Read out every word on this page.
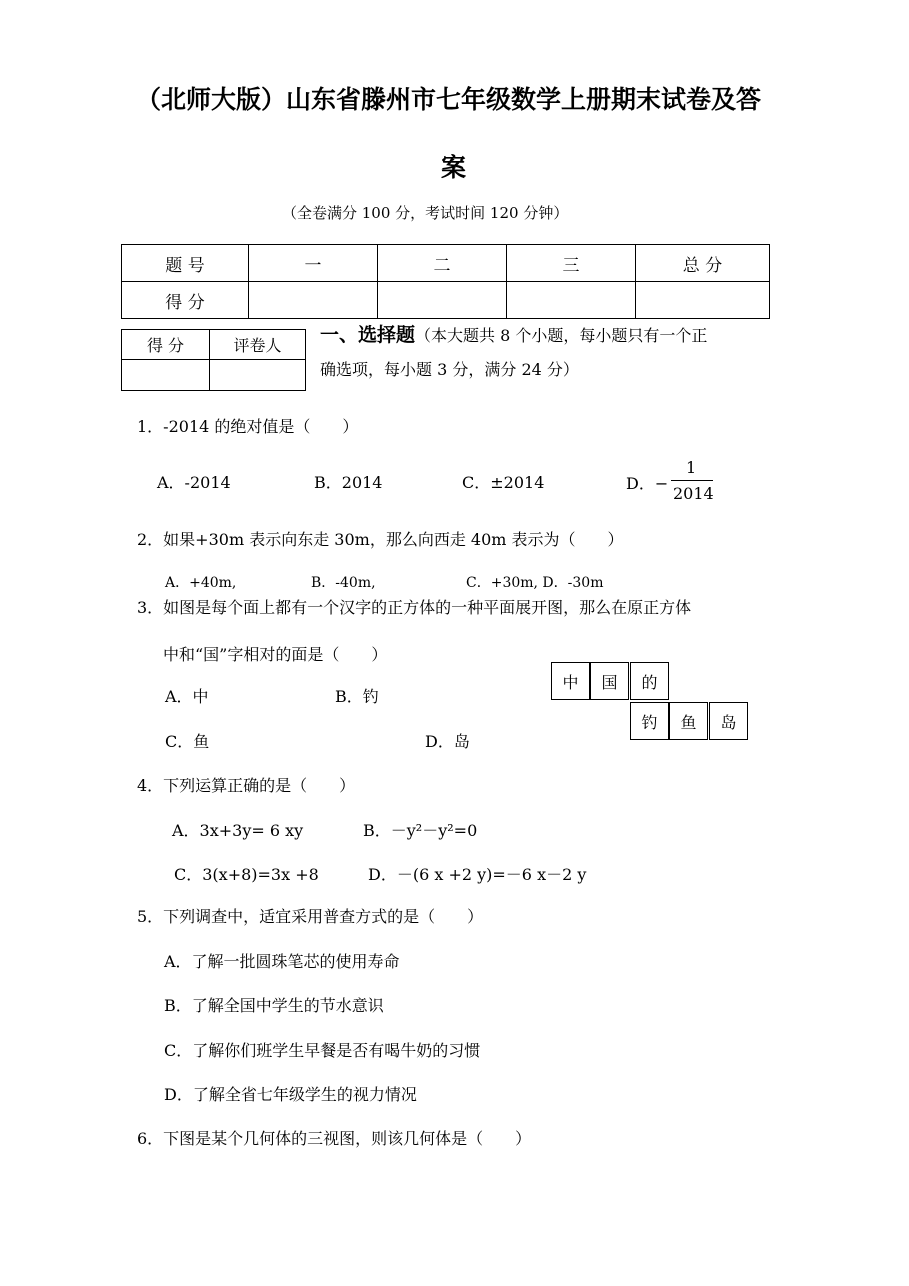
（北师大版）山东省滕州市七年级数学上册期末试卷及答
案
（全卷满分 100 分，考试时间 120 分钟）
题 号	一	二	三	总 分
得 分				
得 分	评卷人
	一、选择题（本大题共 8 个小题，每小题只有一个正
确选项，每小题 3 分，满分 24 分）
1．-2014 的绝对值是（　　）
A．-2014	B．2014	C．±2014	D．−
1
2014
2．如果+30m 表示向东走 30m，那么向西走 40m 表示为（　　）
A．+40m,	B．-40m,	C．+30m, D．-30m
3．如图是每个面上都有一个汉字的正方体的一种平面展开图，那么在原正方体
中和“国”字相对的面是（　　）
A．中	B．钓
C．鱼	D．岛
中	国	的
钓	鱼	岛
4．下列运算正确的是（　　）
A．3x+3y= 6 xy	B．－y²－y²=0
C．3(x+8)=3x +8	D．－(6 x +2 y)=－6 x－2 y
5．下列调查中，适宜采用普查方式的是（　　）
A．了解一批圆珠笔芯的使用寿命
B．了解全国中学生的节水意识
C．了解你们班学生早餐是否有喝牛奶的习惯
D．了解全省七年级学生的视力情况
6．下图是某个几何体的三视图，则该几何体是（　　）
